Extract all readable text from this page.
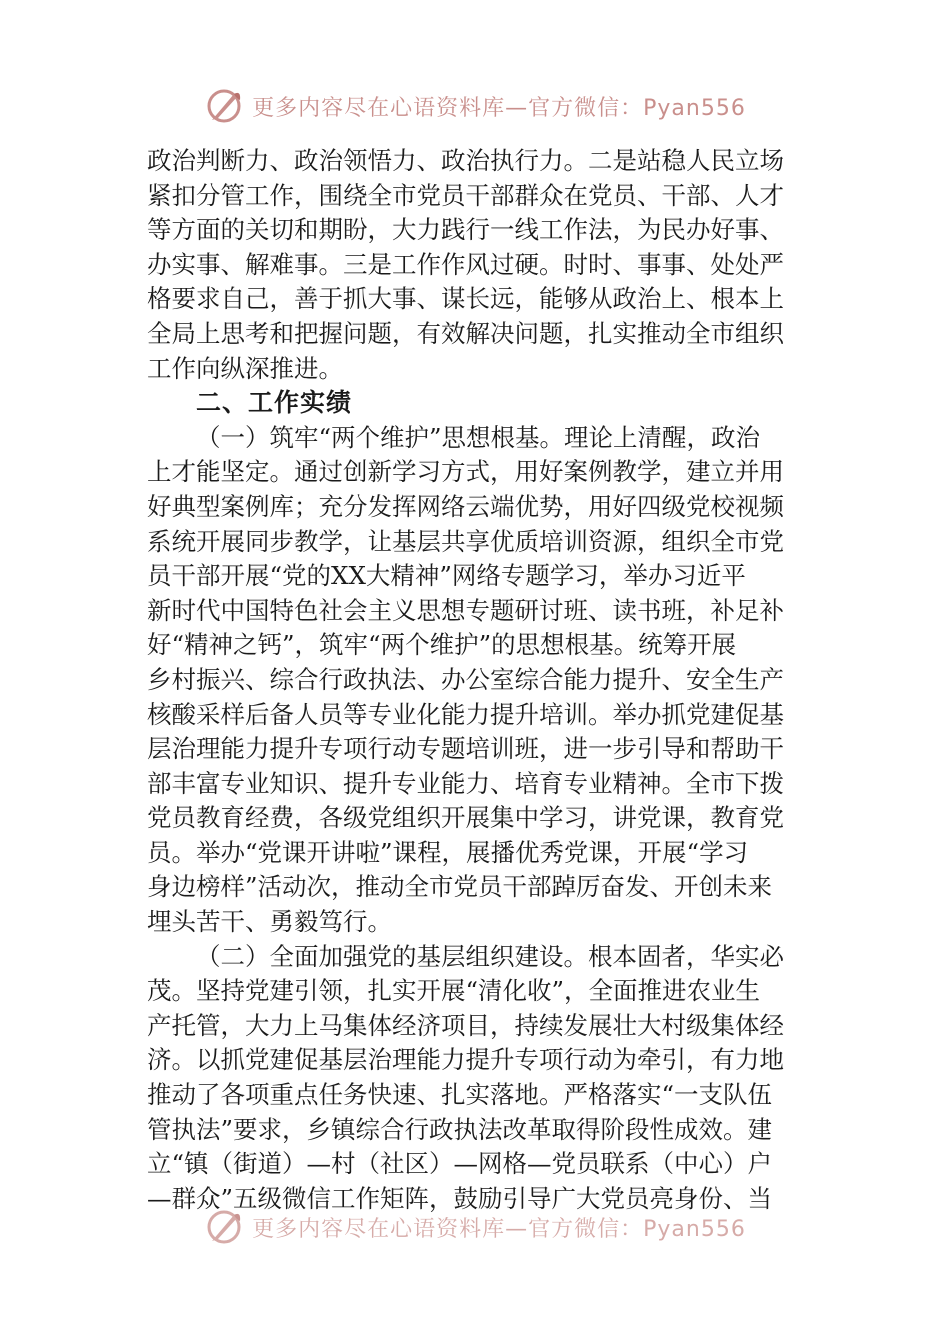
更多内容尽在心语资料库—官方微信：Pyan556

政治判断力、政治领悟力、政治执行力。二是站稳人民立场
紧扣分管工作，围绕全市党员干部群众在党员、干部、人才
等方面的关切和期盼，大力践行一线工作法，为民办好事、
办实事、解难事。三是工作作风过硬。时时、事事、处处严
格要求自己，善于抓大事、谋长远，能够从政治上、根本上
全局上思考和把握问题，有效解决问题，扎实推动全市组织
工作向纵深推进。

二、工作实绩

（一）筑牢“两个维护”思想根基。理论上清醒，政治
上才能坚定。通过创新学习方式，用好案例教学，建立并用
好典型案例库；充分发挥网络云端优势，用好四级党校视频
系统开展同步教学，让基层共享优质培训资源，组织全市党
员干部开展“党的XX大精神”网络专题学习，举办习近平
新时代中国特色社会主义思想专题研讨班、读书班，补足补
好“精神之钙”，筑牢“两个维护”的思想根基。统筹开展
乡村振兴、综合行政执法、办公室综合能力提升、安全生产
核酸采样后备人员等专业化能力提升培训。举办抓党建促基
层治理能力提升专项行动专题培训班，进一步引导和帮助干
部丰富专业知识、提升专业能力、培育专业精神。全市下拨
党员教育经费，各级党组织开展集中学习，讲党课，教育党
员。举办“党课开讲啦”课程，展播优秀党课，开展“学习
身边榜样”活动次，推动全市党员干部踔厉奋发、开创未来
埋头苦干、勇毅笃行。

（二）全面加强党的基层组织建设。根本固者，华实必
茂。坚持党建引领，扎实开展“清化收”，全面推进农业生
产托管，大力上马集体经济项目，持续发展壮大村级集体经
济。以抓党建促基层治理能力提升专项行动为牵引，有力地
推动了各项重点任务快速、扎实落地。严格落实“一支队伍
管执法”要求，乡镇综合行政执法改革取得阶段性成效。建
立“镇（街道）—村（社区）—网格—党员联系（中心）户
—群众”五级微信工作矩阵，鼓励引导广大党员亮身份、当

更多内容尽在心语资料库—官方微信：Pyan556
